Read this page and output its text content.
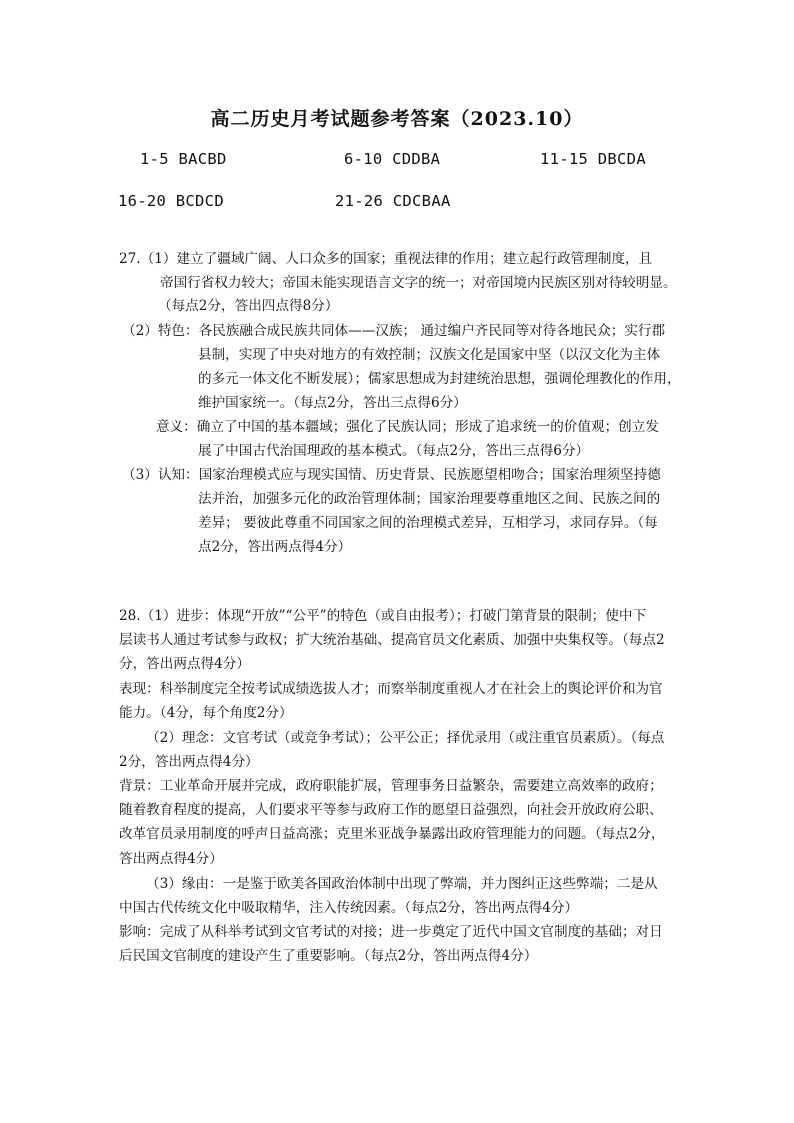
高二历史月考试题参考答案（2023.10）
1-5 BACBD	6-10 CDDBA	11-15 DBCDA
16-20 BCDCD	21-26 CDCBAA
27.（1）建立了疆域广阔、人口众多的国家；重视法律的作用；建立起行政管理制度，且
帝国行省权力较大；帝国未能实现语言文字的统一；对帝国境内民族区别对待较明显。
（每点2分，答出四点得8分）
（2）特色：各民族融合成民族共同体——汉族； 通过编户齐民同等对待各地民众；实行郡
县制，实现了中央对地方的有效控制；汉族文化是国家中坚（以汉文化为主体
的多元一体文化不断发展）；儒家思想成为封建统治思想，强调伦理教化的作用，
维护国家统一。（每点2分，答出三点得6分）
意义：确立了中国的基本疆域；强化了民族认同；形成了追求统一的价值观；创立发
展了中国古代治国理政的基本模式。（每点2分，答出三点得6分）
（3）认知：国家治理模式应与现实国情、历史背景、民族愿望相吻合；国家治理须坚持德
法并治，加强多元化的政治管理体制；国家治理要尊重地区之间、民族之间的
差异； 要彼此尊重不同国家之间的治理模式差异，互相学习，求同存异。（每
点2分，答出两点得4分）
28.（1）进步：体现“开放”“公平”的特色（或自由报考）；打破门第背景的限制；使中下
层读书人通过考试参与政权；扩大统治基础、提高官员文化素质、加强中央集权等。（每点2
分，答出两点得4分）
表现：科举制度完全按考试成绩选拔人才；而察举制度重视人才在社会上的舆论评价和为官
能力。（4分，每个角度2分）
（2）理念：文官考试（或竞争考试）；公平公正；择优录用（或注重官员素质）。（每点
2分，答出两点得4分）
背景：工业革命开展并完成，政府职能扩展，管理事务日益繁杂，需要建立高效率的政府；
随着教育程度的提高，人们要求平等参与政府工作的愿望日益强烈，向社会开放政府公职、
改革官员录用制度的呼声日益高涨；克里米亚战争暴露出政府管理能力的问题。（每点2分，
答出两点得4分）
（3）缘由：一是鉴于欧美各国政治体制中出现了弊端，并力图纠正这些弊端；二是从
中国古代传统文化中吸取精华，注入传统因素。（每点2分，答出两点得4分）
影响：完成了从科举考试到文官考试的对接；进一步奠定了近代中国文官制度的基础；对日
后民国文官制度的建设产生了重要影响。（每点2分，答出两点得4分）
